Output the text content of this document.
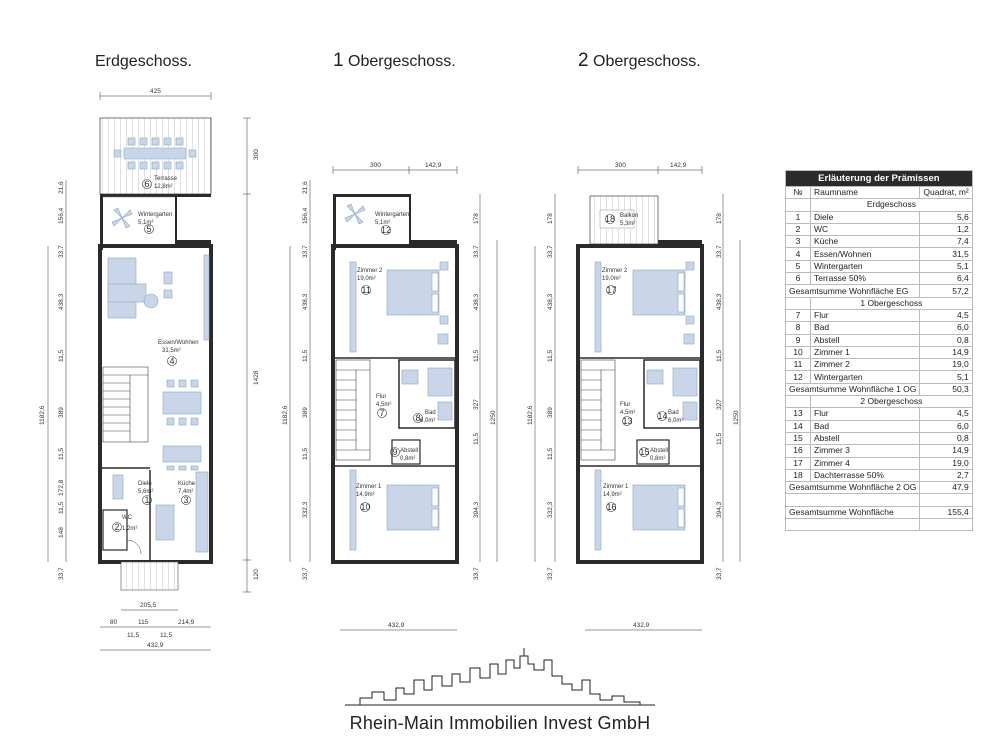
Erdgeschoss.	1 Obergeschoss.	2 Obergeschoss.
Terrasse
12,8m²
6
Wintergarten
5,1m²
5
Essen/Wohnen
31,5m²
4
Diele
5,6m²
1
Küche
7,4m²
3
WC
1,2m²
2
425
300
1428
120
21,6
156,4
33,7
438,3
11,5
389
11,5
172,8
11,5
148
33,7
1182,6
205,5
80	115	214,9
11,5	11,5
432,9
Wintergarten
5,1m²
12
Zimmer 2
19,0m²
11
Flur
4,5m²
7	Bad
6,0m²
8
Abstell
0,8m²
9
Zimmer 1
14,9m²
10
300	142,9
21,6
156,4
33,7
438,3
11,5
389
11,5
332,3
33,7
1182,6
178
33,7
438,3
11,5
327
11,5
394,3
33,7
1250
432,9
Balkon
5,3m²
18
Zimmer 2
19,0m²
17
Flur
4,5m²
13
Bad
6,0m²
14
Abstell
0,8m²
15
Zimmer 1
14,9m²
16
300	142,9
178
33,7
438,3
11,5
389
11,5
332,3
33,7
1182,6
178
33,7
438,3
11,5
327
11,5
394,3
33,7
1250
432,9
Erläuterung der Prämissen		
№	Raumname	Quadrat, m²
	Erdgeschoss	
1	Diele	5,6
2	WC	1,2
3	Küche	7,4
4	Essen/Wohnen	31,5
5	Wintergarten	5,1
6	Terrasse 50%	6,4
Gesamtsumme Wohnfläche EG		57,2
	1 Obergeschoss	
7	Flur	4,5
8	Bad	6,0
9	Abstell	0,8
10	Zimmer 1	14,9
11	Zimmer 2	19,0
12	Wintergarten	5,1
Gesamtsumme Wohnfläche 1 OG		50,3
	2 Obergeschoss	
13	Flur	4,5
14	Bad	6,0
15	Abstell	0,8
16	Zimmer 3	14,9
17	Zimmer 4	19,0
18	Dachterrasse 50%	2,7
Gesamtsumme Wohnfläche 2 OG		47,9

Gesamtsumme Wohnfläche		155,4

Rhein-Main Immobilien Invest GmbH
